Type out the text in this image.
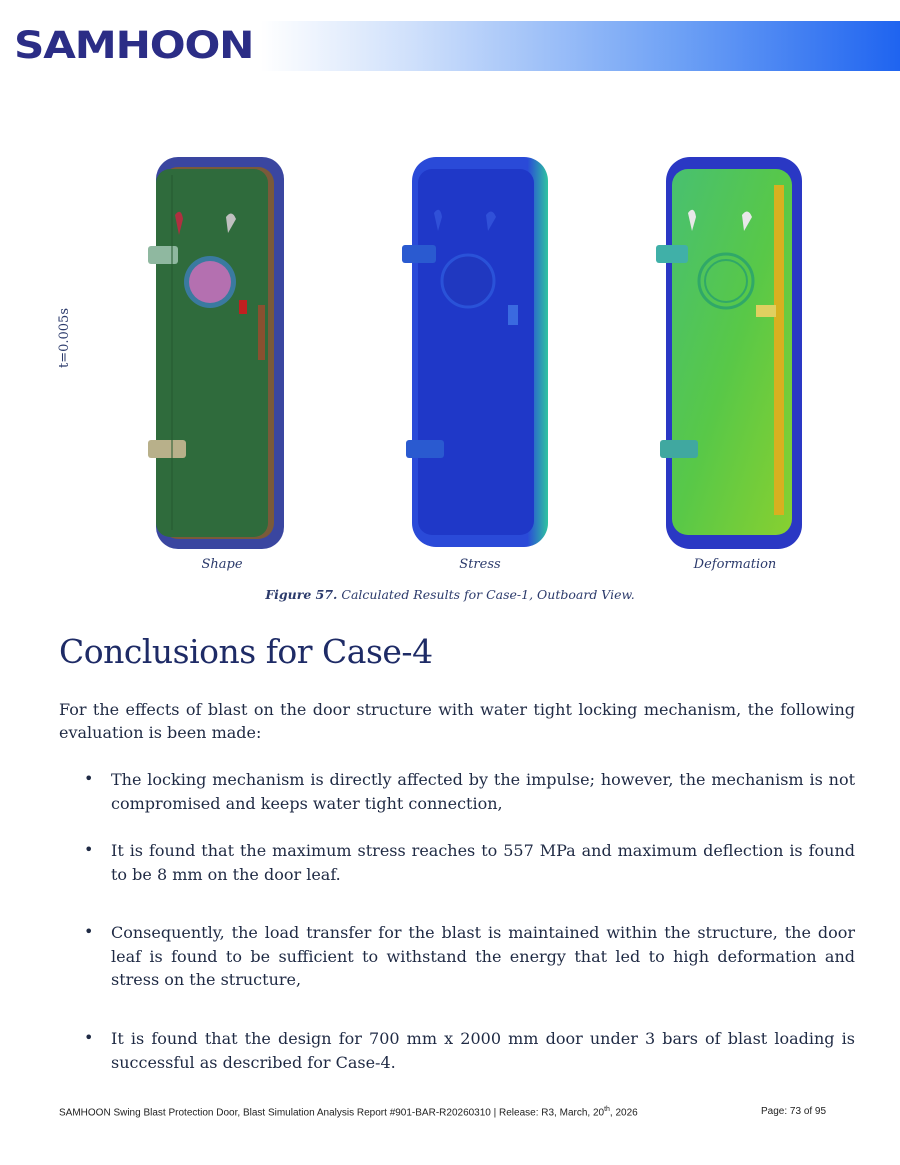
SAMHOON
t=0.005s
Shape	Stress	Deformation
Figure 57. Calculated Results for Case-1, Outboard View.
Conclusions for Case-4

For the effects of blast on the door structure with water tight locking mechanism, the following evaluation is been made:

• The locking mechanism is directly affected by the impulse; however, the mechanism is not compromised and keeps water tight connection,

• It is found that the maximum stress reaches to 557 MPa and maximum deflection is found to be 8 mm on the door leaf.

• Consequently, the load transfer for the blast is maintained within the structure, the door leaf is found to be sufficient to withstand the energy that led to high deformation and stress on the structure,

• It is found that the design for 700 mm x 2000 mm door under 3 bars of blast loading is successful as described for Case-4.

SAMHOON Swing Blast Protection Door, Blast Simulation Analysis Report #901-BAR-R20260310 | Release: R3, March, 20th, 2026	Page: 73 of 95
